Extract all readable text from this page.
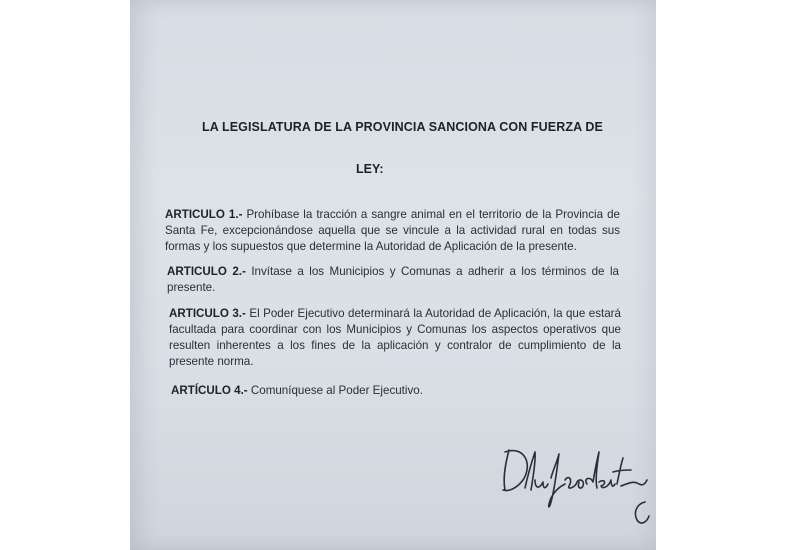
LA LEGISLATURA DE LA PROVINCIA SANCIONA CON FUERZA DE
LEY:

ARTICULO 1.- Prohíbase la tracción a sangre animal en el territorio de la Provincia de Santa Fe, excepcionándose aquella que se vincule a la actividad rural en todas sus formas y los supuestos que determine la Autoridad de Aplicación de la presente.

ARTICULO 2.- Invítase a los Municipios y Comunas a adherir a los términos de la presente.

ARTICULO 3.- El Poder Ejecutivo determinará la Autoridad de Aplicación, la que estará facultada para coordinar con los Municipios y Comunas los aspectos operativos que resulten inherentes a los fines de la aplicación y contralor de cumplimiento de la presente norma.

ARTÍCULO 4.- Comuníquese al Poder Ejecutivo.
